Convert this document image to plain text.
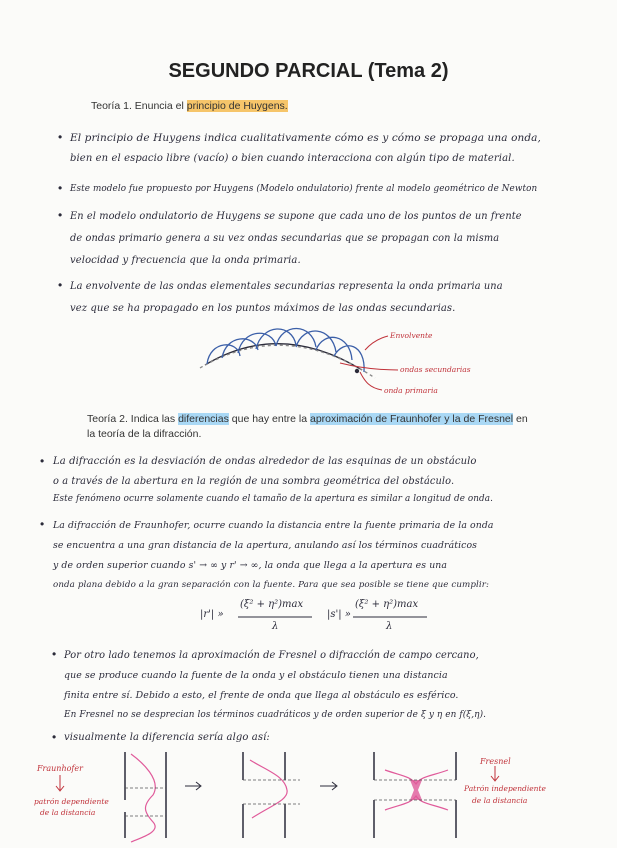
SEGUNDO PARCIAL (Tema 2)
Teoría 1. Enuncia el principio de Huygens.
• El principio de Huygens indica cualitativamente cómo es y cómo se propaga una onda,
bien en el espacio libre (vacío) o bien cuando interacciona con algún tipo de material.
• Este modelo fue propuesto por Huygens (Modelo ondulatorio) frente al modelo geométrico de Newton
• En el modelo ondulatorio de Huygens se supone que cada uno de los puntos de un frente
de ondas primario genera a su vez ondas secundarias que se propagan con la misma
velocidad y frecuencia que la onda primaria.
• La envolvente de las ondas elementales secundarias representa la onda primaria una
vez que se ha propagado en los puntos máximos de las ondas secundarias.
Envolvente
ondas secundarias
onda primaria
Teoría 2. Indica las diferencias que hay entre la aproximación de Fraunhofer y la de Fresnel en
la teoría de la difracción.
• La difracción es la desviación de ondas alrededor de las esquinas de un obstáculo
o a través de la abertura en la región de una sombra geométrica del obstáculo.
Este fenómeno ocurre solamente cuando el tamaño de la apertura es similar a longitud de onda.
• La difracción de Fraunhofer, ocurre cuando la distancia entre la fuente primaria de la onda
se encuentra a una gran distancia de la apertura, anulando así los términos cuadráticos
y de orden superior cuando s' → ∞ y r' → ∞, la onda que llega a la apertura es una
onda plana debido a la gran separación con la fuente. Para que sea posible se tiene que cumplir:
|r'| »
(ξ² + η²)max
λ
|s'| »
(ξ² + η²)max
λ
• Por otro lado tenemos la aproximación de Fresnel o difracción de campo cercano,
que se produce cuando la fuente de la onda y el obstáculo tienen una distancia
finita entre sí. Debido a esto, el frente de onda que llega al obstáculo es esférico.
En Fresnel no se desprecian los términos cuadráticos y de orden superior de ξ y η en f(ξ,η).
• visualmente la diferencia sería algo así:
Fraunhofer
patrón dependiente
de la distancia
Fresnel
Patrón independiente
de la distancia
